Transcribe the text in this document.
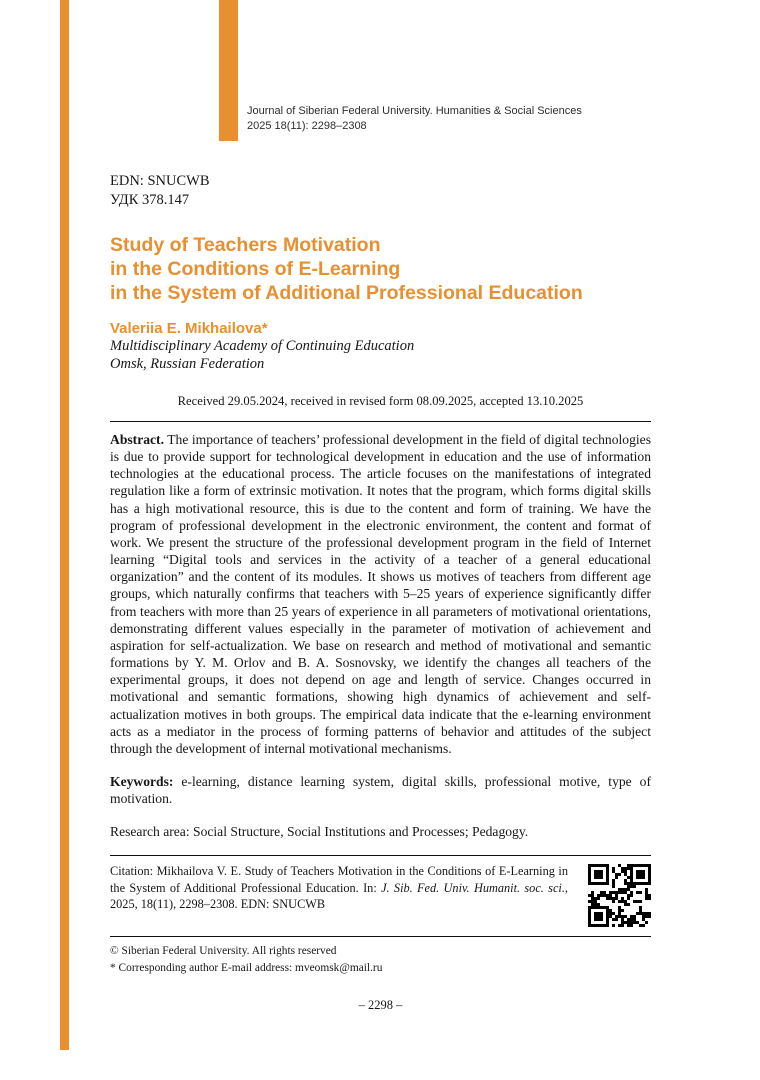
Journal of Siberian Federal University. Humanities & Social Sciences
2025 18(11): 2298–2308
EDN: SNUCWB
УДК 378.147
Study of Teachers Motivation
in the Conditions of E-Learning
in the System of Additional Professional Education
Valeriia E. Mikhailova*
Multidisciplinary Academy of Continuing Education
Omsk, Russian Federation
Received 29.05.2024, received in revised form 08.09.2025, accepted 13.10.2025

Abstract. The importance of teachers’ professional development in the field of digital technologies is due to provide support for technological development in education and the use of information technologies at the educational process. The article focuses on the manifestations of integrated regulation like a form of extrinsic motivation. It notes that the program, which forms digital skills has a high motivational resource, this is due to the content and form of training. We have the program of professional development in the electronic environment, the content and format of work. We present the structure of the professional development program in the field of Internet learning “Digital tools and services in the activity of a teacher of a general educational organization” and the content of its modules. It shows us motives of teachers from different age groups, which naturally confirms that teachers with 5–25 years of experience significantly differ from teachers with more than 25 years of experience in all parameters of motivational orientations, demonstrating different values especially in the parameter of motivation of achievement and aspiration for self-actualization. We base on research and method of motivational and semantic formations by Y. M. Orlov and B. A. Sosnovsky, we identify the changes all teachers of the experimental groups, it does not depend on age and length of service. Changes occurred in motivational and semantic formations, showing high dynamics of achievement and self-actualization motives in both groups. The empirical data indicate that the e-learning environment acts as a mediator in the process of forming patterns of behavior and attitudes of the subject through the development of internal motivational mechanisms.

Keywords: e-learning, distance learning system, digital skills, professional motive, type of motivation.

Research area: Social Structure, Social Institutions and Processes; Pedagogy.

Citation: Mikhailova V. E. Study of Teachers Motivation in the Conditions of E-Learning in the System of Additional Professional Education. In: J. Sib. Fed. Univ. Humanit. soc. sci., 2025, 18(11), 2298–2308. EDN: SNUCWB

© Siberian Federal University. All rights reserved
* Corresponding author E-mail address: mveomsk@mail.ru
– 2298 –
